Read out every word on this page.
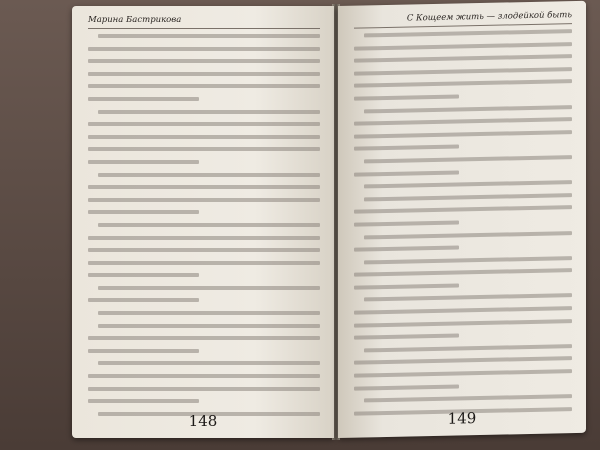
Марина Бастрикова
148
С Кощеем жить — злодейкой быть
149
